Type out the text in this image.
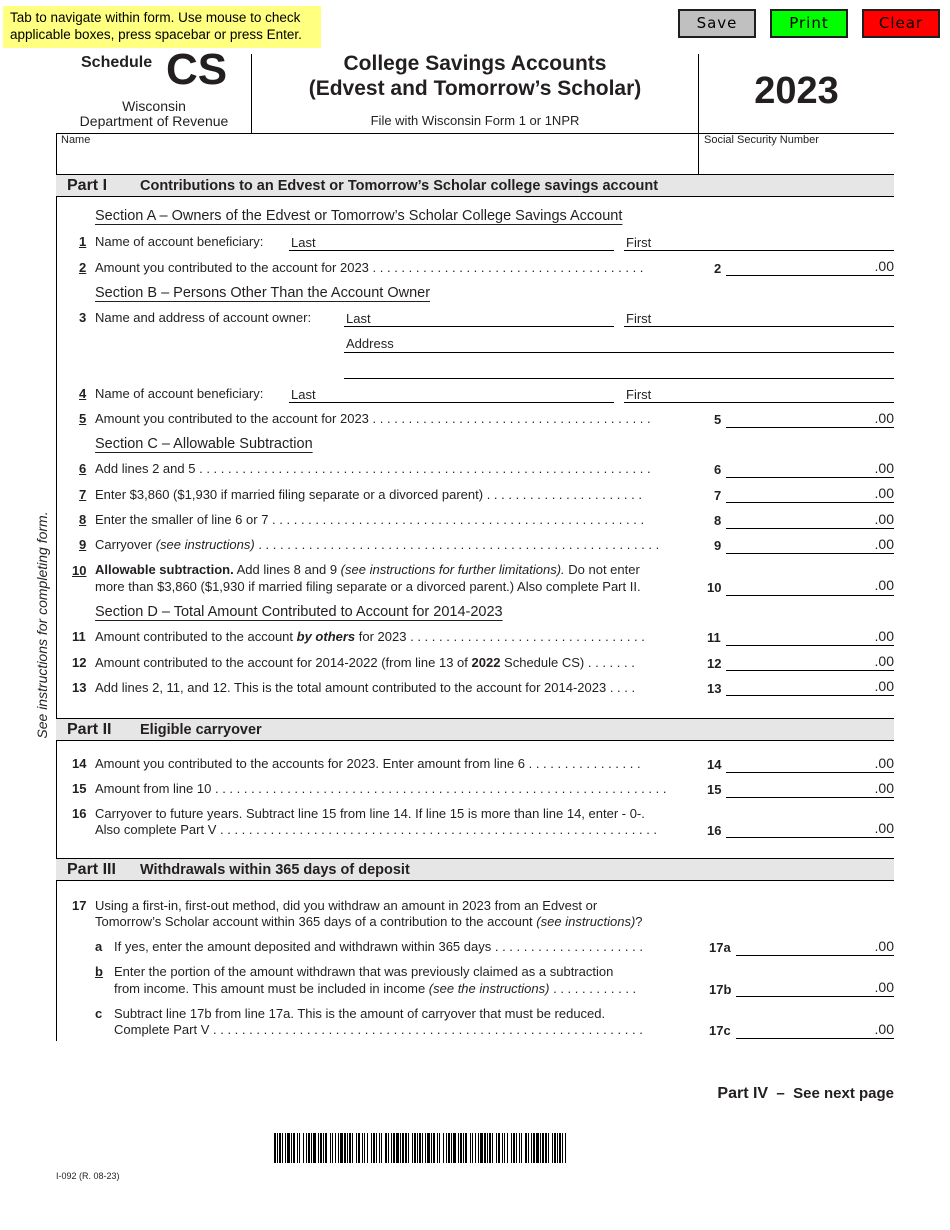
Tab to navigate within form. Use mouse to check applicable boxes, press spacebar or press Enter.
Save	Print	Clear
Schedule CS
Wisconsin
Department of Revenue
College Savings Accounts
(Edvest and Tomorrow’s Scholar)
File with Wisconsin Form 1 or 1NPR
2023
Name	Social Security Number
See instructions for completing form.
Part I Contributions to an Edvest or Tomorrow’s Scholar college savings account
Section A – Owners of the Edvest or Tomorrow’s Scholar College Savings Account
1 Name of account beneficiary: Last	First
2 Amount you contributed to the account for 2023 . . . . . . . . . . . . . . . . . . . . . . . . . . . . . . . . . . . . . .	2	.00
Section B – Persons Other Than the Account Owner
3 Name and address of account owner:	Last	First
Address
4 Name of account beneficiary: Last	First
5 Amount you contributed to the account for 2023 . . . . . . . . . . . . . . . . . . . . . . . . . . . . . . . . . . . . . . .	5	.00
Section C – Allowable Subtraction
6 Add lines 2 and 5 . . . . . . . . . . . . . . . . . . . . . . . . . . . . . . . . . . . . . . . . . . . . . . . . . . . . . . . . . . . . . . .	6	.00
7 Enter $3,860 ($1,930 if married filing separate or a divorced parent) . . . . . . . . . . . . . . . . . . . . . .	7	.00
8 Enter the smaller of line 6 or 7 . . . . . . . . . . . . . . . . . . . . . . . . . . . . . . . . . . . . . . . . . . . . . . . . . . . .	8	.00
9 Carryover (see instructions) . . . . . . . . . . . . . . . . . . . . . . . . . . . . . . . . . . . . . . . . . . . . . . . . . . . . . . . .	9	.00
10 Allowable subtraction. Add lines 8 and 9 (see instructions for further limitations). Do not enter
more than $3,860 ($1,930 if married filing separate or a divorced parent.) Also complete Part II.	10	.00
Section D – Total Amount Contributed to Account for 2014-2023
11 Amount contributed to the account by others for 2023 . . . . . . . . . . . . . . . . . . . . . . . . . . . . . . . . .	11	.00
12 Amount contributed to the account for 2014-2022 (from line 13 of 2022 Schedule CS) . . . . . . .	12	.00
13 Add lines 2, 11, and 12. This is the total amount contributed to the account for 2014-2023 . . . .	13	.00
Part II Eligible carryover
14 Amount you contributed to the accounts for 2023. Enter amount from line 6 . . . . . . . . . . . . . . . .	14	.00
15 Amount from line 10 . . . . . . . . . . . . . . . . . . . . . . . . . . . . . . . . . . . . . . . . . . . . . . . . . . . . . . . . . . . . . . .	15	.00
16 Carryover to future years. Subtract line 15 from line 14. If line 15 is more than line 14, enter - 0-.
Also complete Part V . . . . . . . . . . . . . . . . . . . . . . . . . . . . . . . . . . . . . . . . . . . . . . . . . . . . . . . . . . . . .	16	.00
Part III Withdrawals within 365 days of deposit
17 Using a first-in, first-out method, did you withdraw an amount in 2023 from an Edvest or
Tomorrow’s Scholar account within 365 days of a contribution to the account (see instructions)?
a If yes, enter the amount deposited and withdrawn within 365 days . . . . . . . . . . . . . . . . . . . . .	17a	.00
b Enter the portion of the amount withdrawn that was previously claimed as a subtraction
from income. This amount must be included in income (see the instructions) . . . . . . . . . . . .	17b	.00
c Subtract line 17b from line 17a. This is the amount of carryover that must be reduced.
Complete Part V . . . . . . . . . . . . . . . . . . . . . . . . . . . . . . . . . . . . . . . . . . . . . . . . . . . . . . . . . . . .	17c	.00
Part IV – See next page
I-092 (R. 08-23)
